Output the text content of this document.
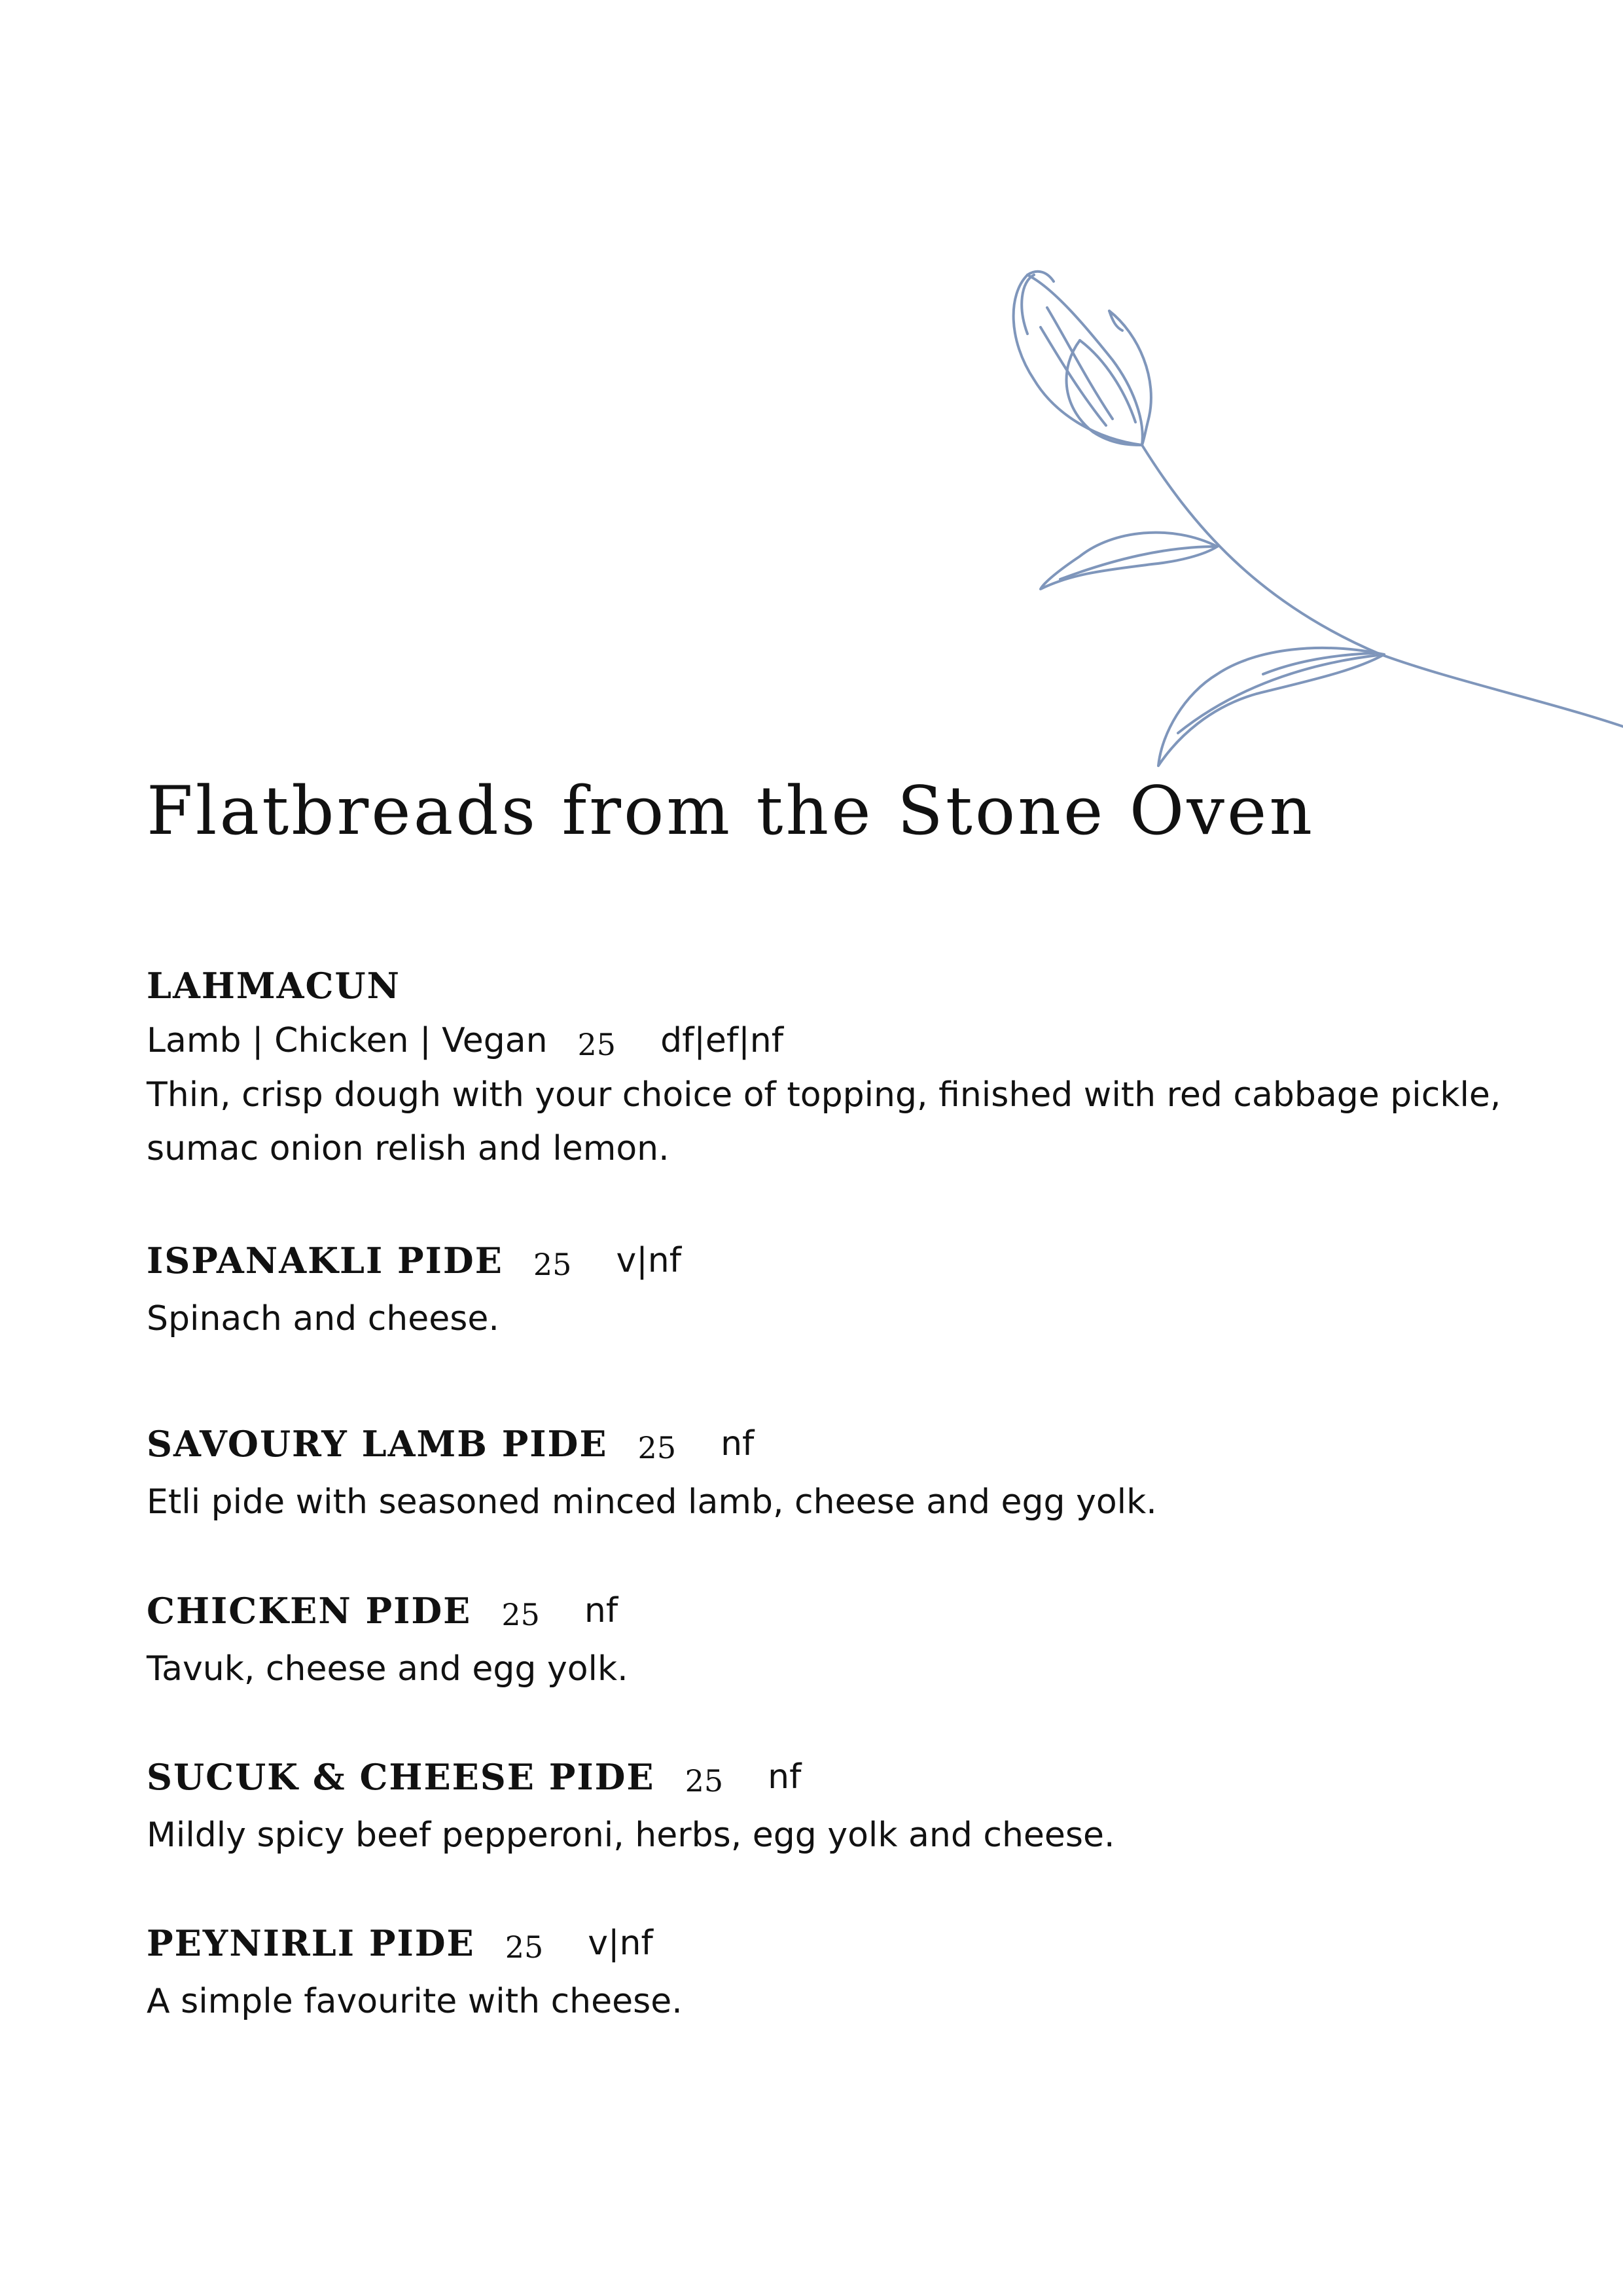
Flatbreads from the Stone Oven
LAHMACUN
Lamb | Chicken | Vegan 25 df|ef|nf
Thin, crisp dough with your choice of topping, finished with red cabbage pickle,
sumac onion relish and lemon.
ISPANAKLI PIDE 25 v|nf
Spinach and cheese.
SAVOURY LAMB PIDE 25 nf
Etli pide with seasoned minced lamb, cheese and egg yolk.
CHICKEN PIDE 25 nf
Tavuk, cheese and egg yolk.
SUCUK & CHEESE PIDE 25 nf
Mildly spicy beef pepperoni, herbs, egg yolk and cheese.
PEYNIRLI PIDE 25 v|nf
A simple favourite with cheese.
